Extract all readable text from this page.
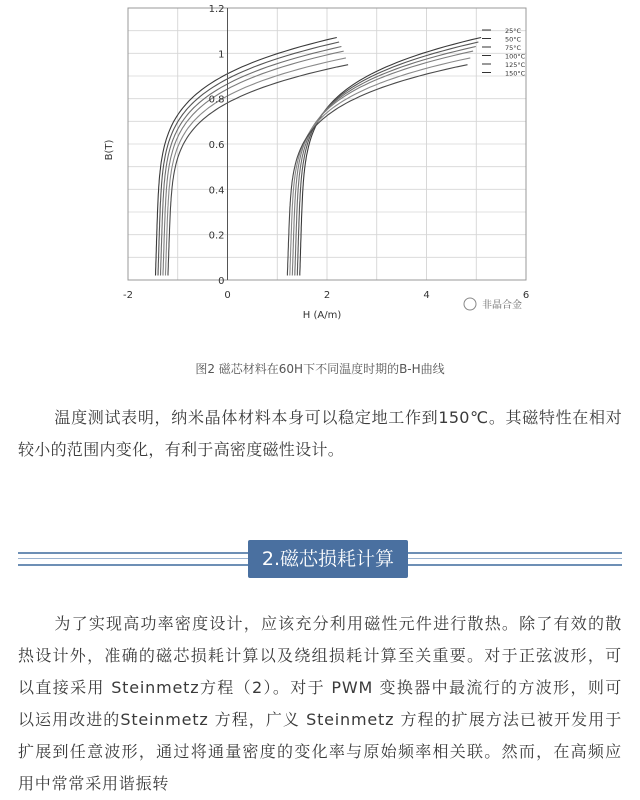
-2	0	2	4	6
0
0.2
0.4
0.6
0.8
1
1.2
25°C
50°C
75°C
100°C
125°C
150°C
H (A/m)
B(T)
非晶合金
图2 磁芯材料在60H下不同温度时期的B-H曲线

温度测试表明，纳米晶体材料本身可以稳定地工作到150℃。其磁特性在相对较小的范围内变化，有利于高密度磁性设计。

2.磁芯损耗计算

为了实现高功率密度设计，应该充分利用磁性元件进行散热。除了有效的散热设计外，准确的磁芯损耗计算以及绕组损耗计算至关重要。对于正弦波形，可以直接采用 Steinmetz方程（2）。对于 PWM 变换器中最流行的方波形，则可以运用改进的Steinmetz 方程，广义 Steinmetz 方程的扩展方法已被开发用于扩展到任意波形，通过将通量密度的变化率与原始频率相关联。然而，在高频应用中常常采用谐振转
